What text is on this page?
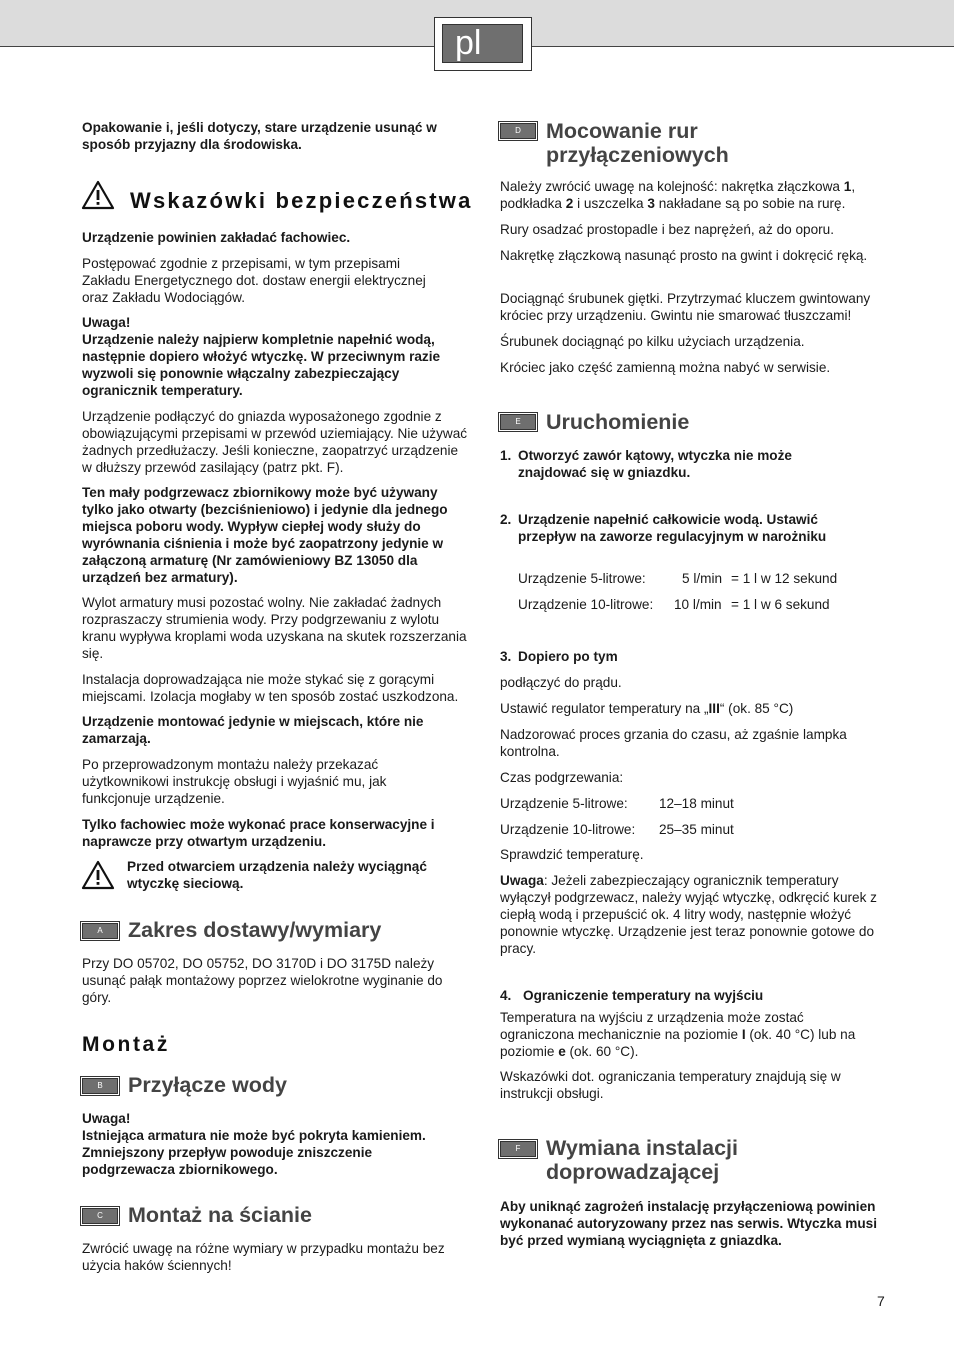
pl

Opakowanie i, jeśli dotyczy, stare urządzenie usunąć w sposób przyjazny dla środowiska.

Wskazówki bezpieczeństwa

Urządzenie powinien zakładać fachowiec.

Postępować zgodnie z przepisami, w tym przepisami Zakładu Energetycznego dot. dostaw energii elektrycznej oraz Zakładu Wodociągów.

Uwaga!

Urządzenie należy najpierw kompletnie napełnić wodą, następnie dopiero włożyć wtyczkę. W przeciwnym razie wyzwoli się ponownie włączalny zabezpieczający ogranicznik temperatury.

Urządzenie podłączyć do gniazda wyposażonego zgodnie z obowiązującymi przepisami w przewód uziemiający. Nie używać żadnych przedłużaczy. Jeśli konieczne, zaopatrzyć urządzenie w dłuższy przewód zasilający (patrz pkt. F).

Ten mały podgrzewacz zbiornikowy może być używany tylko jako otwarty (bezciśnieniowo) i jedynie dla jednego miejsca poboru wody. Wypływ ciepłej wody służy do wyrównania ciśnienia i może być zaopatrzony jedynie w załączoną armaturę (Nr zamówieniowy BZ 13050 dla urządzeń bez armatury).

Wylot armatury musi pozostać wolny. Nie zakładać żadnych rozpraszaczy strumienia wody. Przy podgrzewaniu z wylotu kranu wypływa kroplami woda uzyskana na skutek rozszerzania się.

Instalacja doprowadzająca nie może stykać się z gorącymi miejscami. Izolacja mogłaby w ten sposób zostać uszkodzona.

Urządzenie montować jedynie w miejscach, które nie zamarzają.

Po przeprowadzonym montażu należy przekazać użytkownikowi instrukcję obsługi i wyjaśnić mu, jak funkcjonuje urządzenie.

Tylko fachowiec może wykonać prace konserwacyjne i naprawcze przy otwartym urządzeniu.

Przed otwarciem urządzenia należy wyciągnąć wtyczkę sieciową.

A	Zakres dostawy/wymiary

Przy DO 05702, DO 05752, DO 3170D i DO 3175D należy usunąć pałąk montażowy poprzez wielokrotne wyginanie do góry.

Montaż

B	Przyłącze wody

Uwaga!

Istniejąca armatura nie może być pokryta kamieniem. Zmniejszony przepływ powoduje zniszczenie podgrzewacza zbiornikowego.

C	Montaż na ścianie

Zwrócić uwagę na różne wymiary w przypadku montażu bez użycia haków ściennych!

D	Mocowanie rur

przyłączeniowych

Należy zwrócić uwagę na kolejność: nakrętka złączkowa 1, podkładka 2 i uszczelka 3 nakładane są po sobie na rurę.

Rury osadzać prostopadle i bez naprężeń, aż do oporu.

Nakrętkę złączkową nasunąć prosto na gwint i dokręcić ręką.

Dociągnąć śrubunek giętki. Przytrzymać kluczem gwintowany króciec przy urządzeniu. Gwintu nie smarować tłuszczami!

Śrubunek dociągnąć po kilku użyciach urządzenia.

Króciec jako część zamienną można nabyć w serwisie.

E	Uruchomienie

1. Otworzyć zawór kątowy, wtyczka nie może znajdować się w gniazdku.

2. Urządzenie napełnić całkowicie wodą. Ustawić przepływ na zaworze regulacyjnym w narożniku

Urządzenie 5-litrowe:	5 l/min = 1 l w 12 sekund

Urządzenie 10-litrowe: 10 l/min = 1 l w 6 sekund

3. Dopiero po tym

podłączyć do prądu.

Ustawić regulator temperatury na „III“ (ok. 85 °C)

Nadzorować proces grzania do czasu, aż zgaśnie lampka kontrolna.

Czas podgrzewania:

Urządzenie 5-litrowe: 12–18 minut

Urządzenie 10-litrowe: 25–35 minut

Sprawdzić temperaturę.

Uwaga: Jeżeli zabezpieczający ogranicznik temperatury wyłączył podgrzewacz, należy wyjąć wtyczkę, odkręcić kurek z ciepłą wodą i przepuścić ok. 4 litry wody, następnie włożyć ponownie wtyczkę. Urządzenie jest teraz ponownie gotowe do pracy.

4. Ograniczenie temperatury na wyjściu

Temperatura na wyjściu z urządzenia może zostać ograniczona mechanicznie na poziomie I (ok. 40 °C) lub na poziomie e (ok. 60 °C).

Wskazówki dot. ograniczania temperatury znajdują się w instrukcji obsługi.

F	Wymiana instalacji

doprowadzającej

Aby uniknąć zagrożeń instalację przyłączeniową powinien wykonanać autoryzowany przez nas serwis. Wtyczka musi być przed wymianą wyciągnięta z gniazdka.

7
